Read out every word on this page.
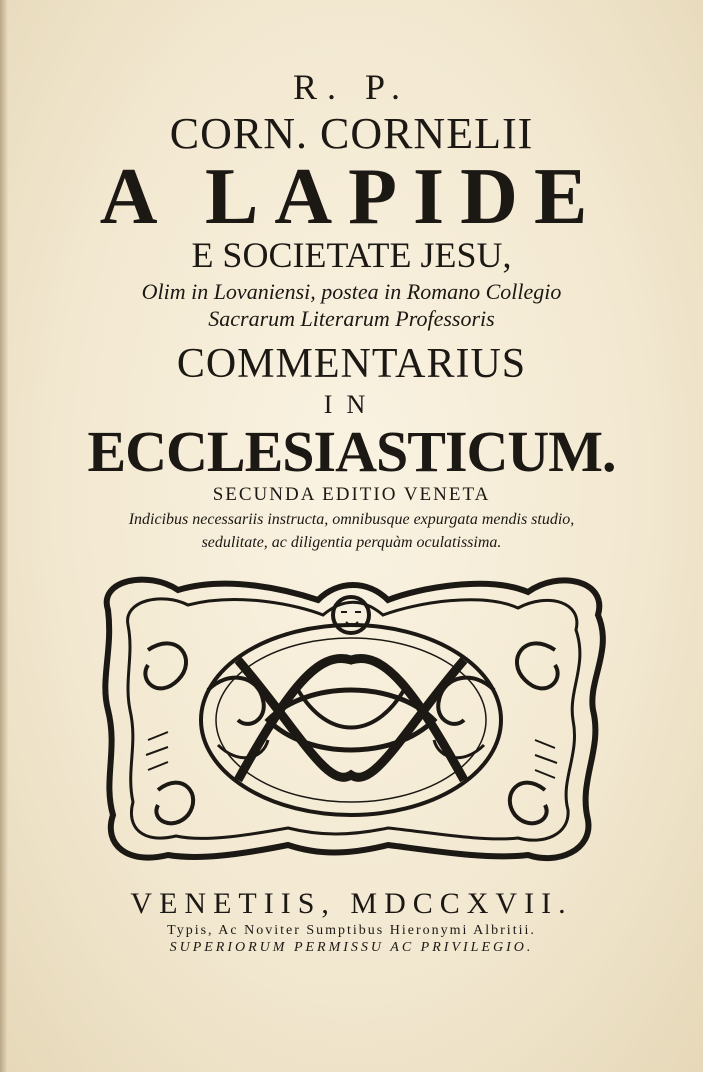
R. P.
CORN. CORNELII
A LAPIDE
E SOCIETATE JESU,
Olim in Lovaniensi, postea in Romano Collegio
Sacrarum Literarum Professoris
COMMENTARIUS
IN
ECCLESIASTICUM.
SECUNDA EDITIO VENETA
Indicibus necessariis instructa, omnibusque expurgata mendis studio,
sedulitate, ac diligentia perquàm oculatissima.
VENETIIS, MDCCXVII.
Typis, Ac Noviter Sumptibus Hieronymi Albritii.
SUPERIORUM PERMISSU AC PRIVILEGIO.
